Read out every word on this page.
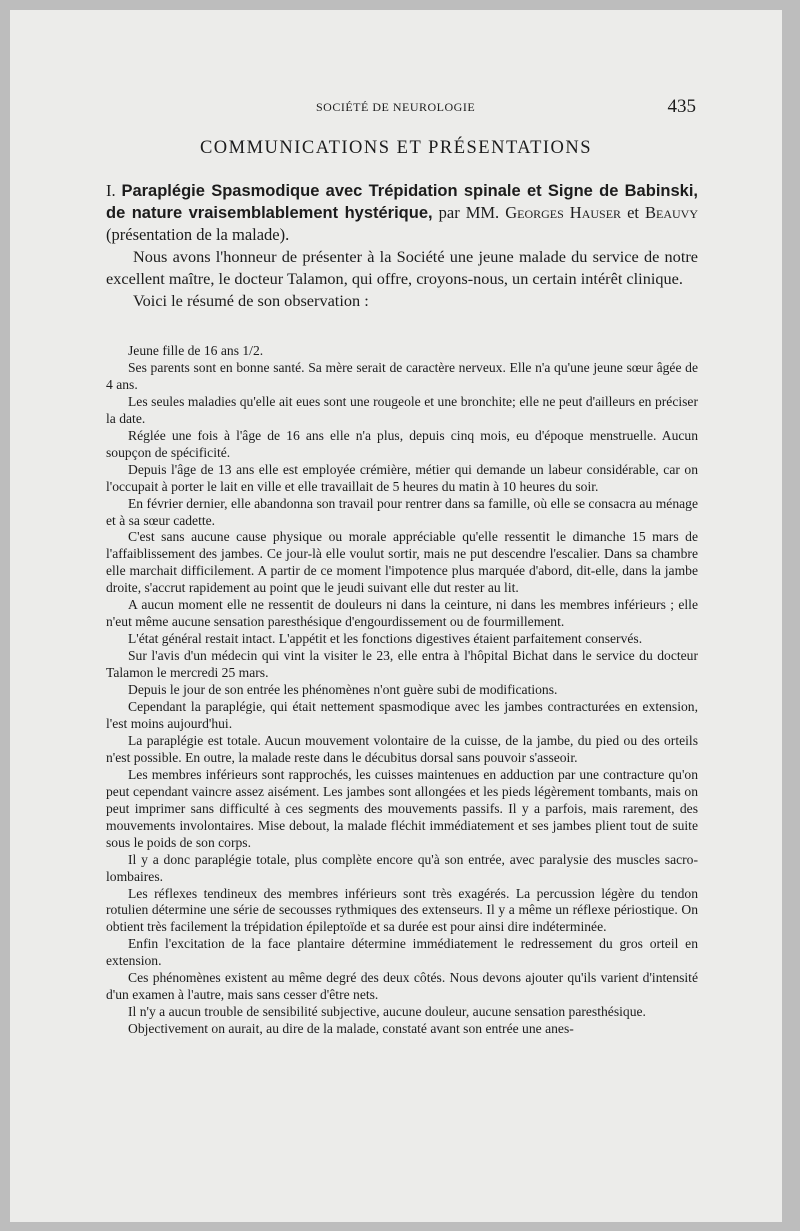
SOCIÉTÉ DE NEUROLOGIE	435
COMMUNICATIONS ET PRÉSENTATIONS
I. Paraplégie Spasmodique avec Trépidation spinale et Signe de Babinski, de nature vraisemblablement hystérique, par MM. Georges Hauser et Beauvy (présentation de la malade).

Nous avons l'honneur de présenter à la Société une jeune malade du service de notre excellent maître, le docteur Talamon, qui offre, croyons-nous, un certain intérêt clinique.

Voici le résumé de son observation :

Jeune fille de 16 ans 1/2.

Ses parents sont en bonne santé. Sa mère serait de caractère nerveux. Elle n'a qu'une jeune sœur âgée de 4 ans.

Les seules maladies qu'elle ait eues sont une rougeole et une bronchite; elle ne peut d'ailleurs en préciser la date.

Réglée une fois à l'âge de 16 ans elle n'a plus, depuis cinq mois, eu d'époque menstruelle. Aucun soupçon de spécificité.

Depuis l'âge de 13 ans elle est employée crémière, métier qui demande un labeur considérable, car on l'occupait à porter le lait en ville et elle travaillait de 5 heures du matin à 10 heures du soir.

En février dernier, elle abandonna son travail pour rentrer dans sa famille, où elle se consacra au ménage et à sa sœur cadette.

C'est sans aucune cause physique ou morale appréciable qu'elle ressentit le dimanche 15 mars de l'affaiblissement des jambes. Ce jour-là elle voulut sortir, mais ne put descendre l'escalier. Dans sa chambre elle marchait difficilement. A partir de ce moment l'impotence plus marquée d'abord, dit-elle, dans la jambe droite, s'accrut rapidement au point que le jeudi suivant elle dut rester au lit.

A aucun moment elle ne ressentit de douleurs ni dans la ceinture, ni dans les membres inférieurs ; elle n'eut même aucune sensation paresthésique d'engourdissement ou de fourmillement.

L'état général restait intact. L'appétit et les fonctions digestives étaient parfaitement conservés.

Sur l'avis d'un médecin qui vint la visiter le 23, elle entra à l'hôpital Bichat dans le service du docteur Talamon le mercredi 25 mars.

Depuis le jour de son entrée les phénomènes n'ont guère subi de modifications.

Cependant la paraplégie, qui était nettement spasmodique avec les jambes contracturées en extension, l'est moins aujourd'hui.

La paraplégie est totale. Aucun mouvement volontaire de la cuisse, de la jambe, du pied ou des orteils n'est possible. En outre, la malade reste dans le décubitus dorsal sans pouvoir s'asseoir.

Les membres inférieurs sont rapprochés, les cuisses maintenues en adduction par une contracture qu'on peut cependant vaincre assez aisément. Les jambes sont allongées et les pieds légèrement tombants, mais on peut imprimer sans difficulté à ces segments des mouvements passifs. Il y a parfois, mais rarement, des mouvements involontaires. Mise debout, la malade fléchit immédiatement et ses jambes plient tout de suite sous le poids de son corps.

Il y a donc paraplégie totale, plus complète encore qu'à son entrée, avec paralysie des muscles sacro-lombaires.

Les réflexes tendineux des membres inférieurs sont très exagérés. La percussion légère du tendon rotulien détermine une série de secousses rythmiques des extenseurs. Il y a même un réflexe périostique. On obtient très facilement la trépidation épileptoïde et sa durée est pour ainsi dire indéterminée.

Enfin l'excitation de la face plantaire détermine immédiatement le redressement du gros orteil en extension.

Ces phénomènes existent au même degré des deux côtés. Nous devons ajouter qu'ils varient d'intensité d'un examen à l'autre, mais sans cesser d'être nets.

Il n'y a aucun trouble de sensibilité subjective, aucune douleur, aucune sensation paresthésique.

Objectivement on aurait, au dire de la malade, constaté avant son entrée une anes-
